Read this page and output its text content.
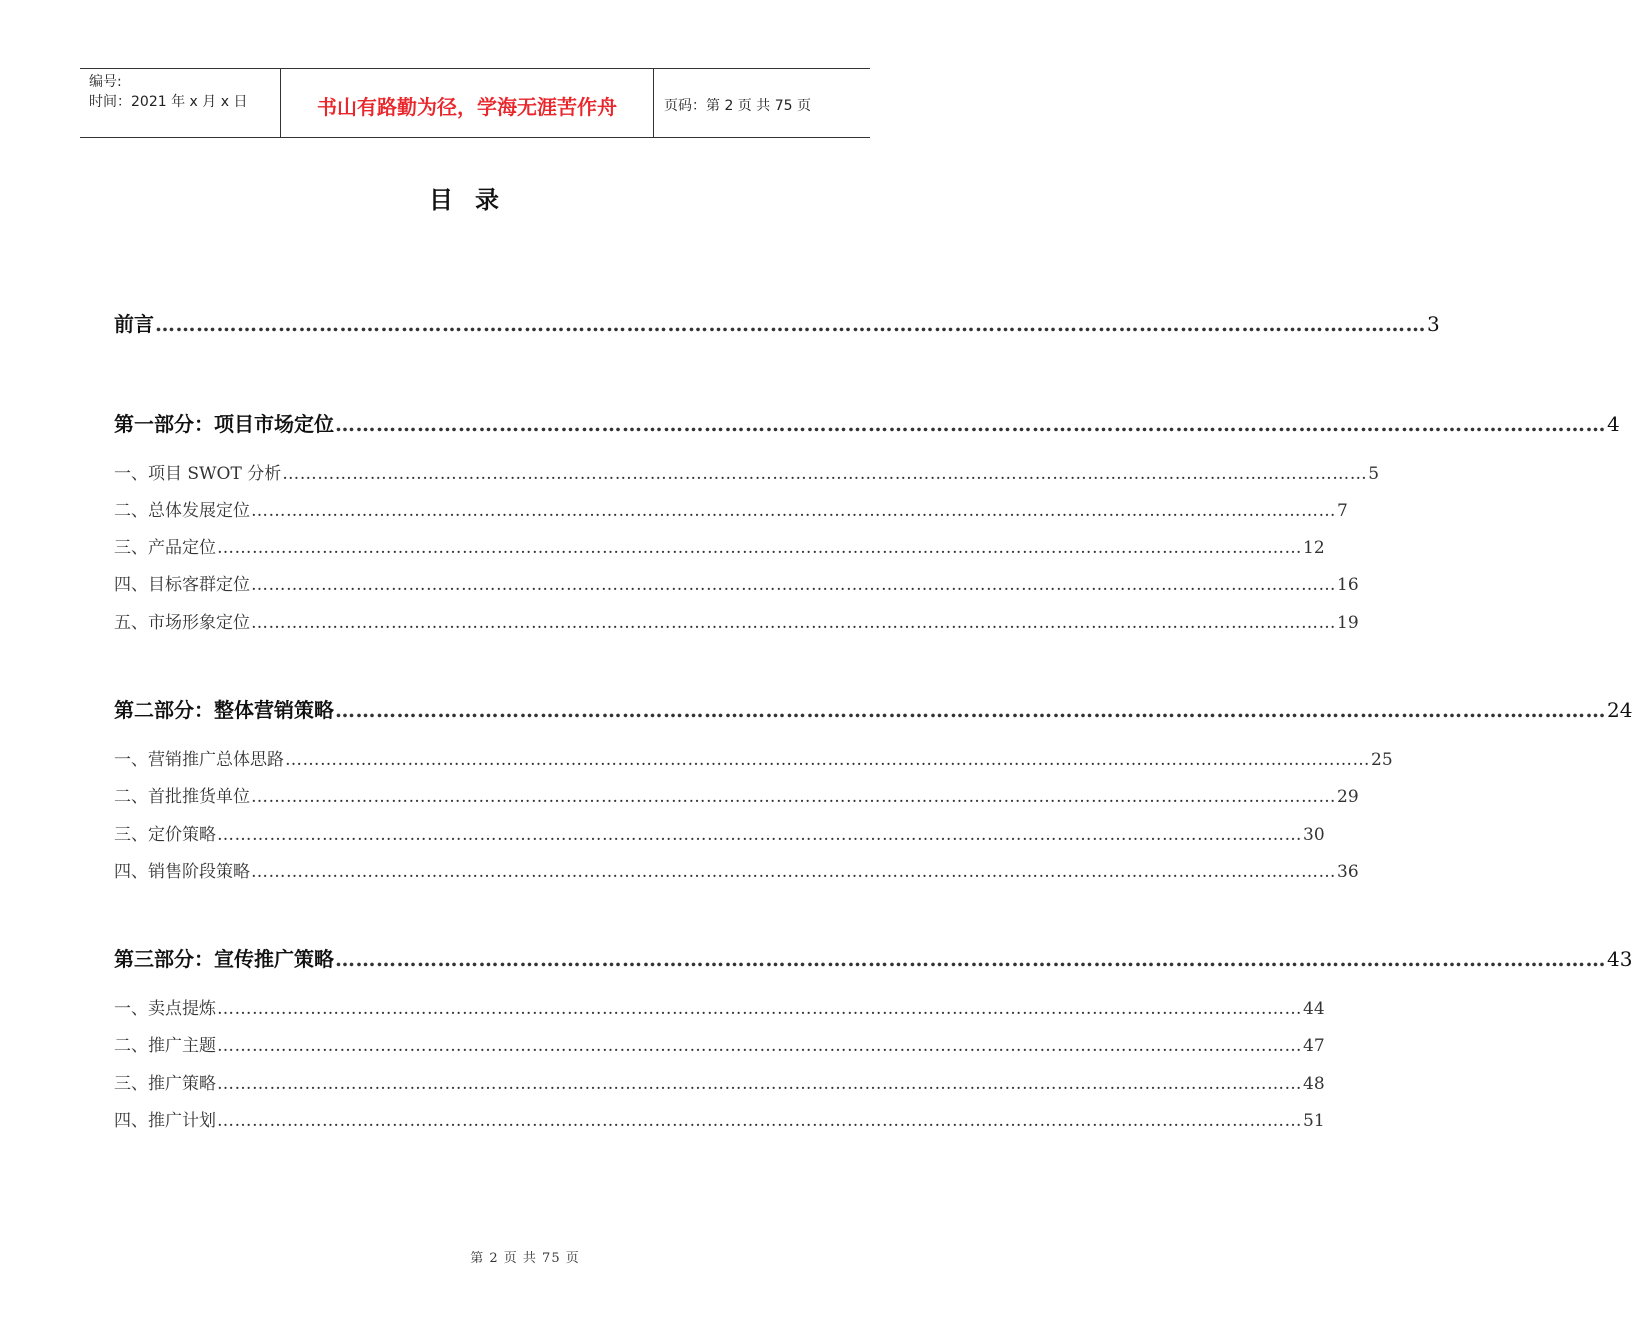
编号:
时间：2021 年 x 月 x 日	书山有路勤为径，学海无涯苦作舟	页码：第 2 页 共 75 页
目录
前言 …………………………………………………………………………………………………………………………………………………………………… 3
第一部分：项目市场定位 …………………………………………………………………………………………………………………………………………………………………… 4
一、项目 SWOT 分析 …………………………………………………………………………………………………………………………………………………………………… 5
二、总体发展定位 …………………………………………………………………………………………………………………………………………………………………… 7
三、产品定位 …………………………………………………………………………………………………………………………………………………………………… 12
四、目标客群定位 …………………………………………………………………………………………………………………………………………………………………… 16
五、市场形象定位 …………………………………………………………………………………………………………………………………………………………………… 19
第二部分：整体营销策略 …………………………………………………………………………………………………………………………………………………………………… 24
一、营销推广总体思路 …………………………………………………………………………………………………………………………………………………………………… 25
二、首批推货单位 …………………………………………………………………………………………………………………………………………………………………… 29
三、定价策略 …………………………………………………………………………………………………………………………………………………………………… 30
四、销售阶段策略 …………………………………………………………………………………………………………………………………………………………………… 36
第三部分：宣传推广策略 …………………………………………………………………………………………………………………………………………………………………… 43
一、卖点提炼 …………………………………………………………………………………………………………………………………………………………………… 44
二、推广主题 …………………………………………………………………………………………………………………………………………………………………… 47
三、推广策略 …………………………………………………………………………………………………………………………………………………………………… 48
四、推广计划 …………………………………………………………………………………………………………………………………………………………………… 51
第 2 页 共 75 页
